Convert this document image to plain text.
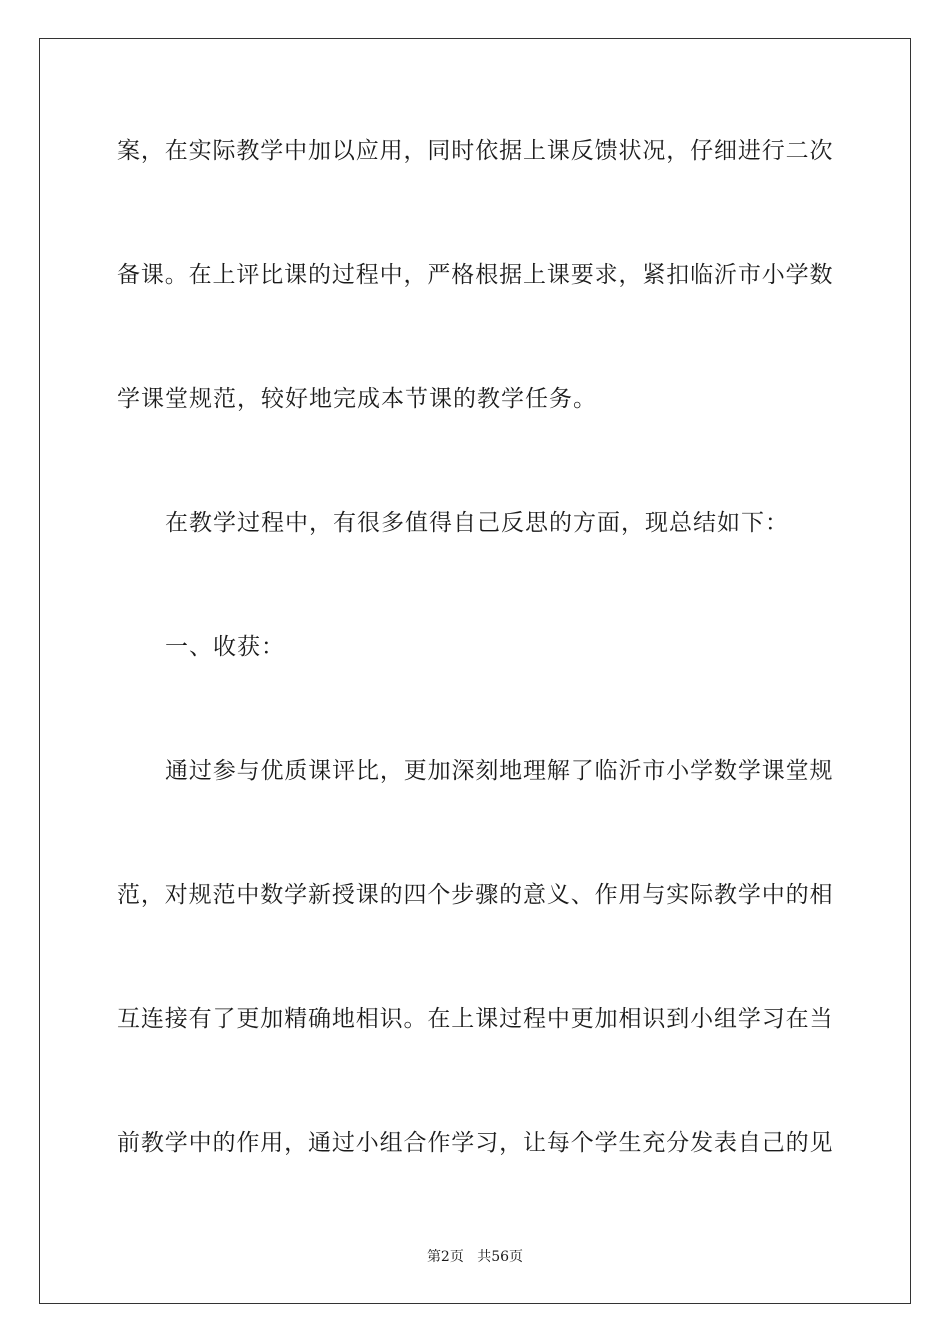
案，在实际教学中加以应用，同时依据上课反馈状况，仔细进行二次
备课。在上评比课的过程中，严格根据上课要求，紧扣临沂市小学数
学课堂规范，较好地完成本节课的教学任务。
在教学过程中，有很多值得自己反思的方面，现总结如下：
一、收获：
通过参与优质课评比，更加深刻地理解了临沂市小学数学课堂规
范，对规范中数学新授课的四个步骤的意义、作用与实际教学中的相
互连接有了更加精确地相识。在上课过程中更加相识到小组学习在当
前教学中的作用，通过小组合作学习，让每个学生充分发表自己的见
第2页 共56页
